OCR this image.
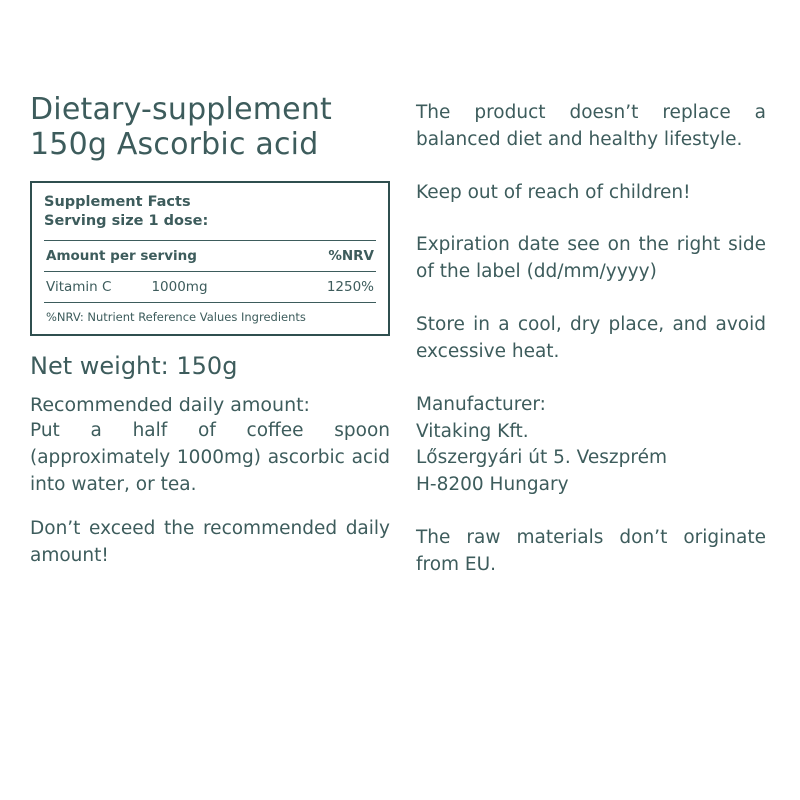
Dietary-supplement 150g Ascorbic acid
Supplement Facts
Serving size 1 dose:
Amount per serving	%NRV
Vitamin C	1000mg	1250%
%NRV: Nutrient Reference Values Ingredients
Net weight: 150g
Recommended daily amount:

Put a half of coffee spoon (approximately 1000mg) ascorbic acid into water, or tea.

Don’t exceed the recommended daily amount!

The product doesn’t replace a balanced diet and healthy lifestyle.

Keep out of reach of children!

Expiration date see on the right side of the label (dd/mm/yyyy)

Store in a cool, dry place, and avoid excessive heat.

Manufacturer:
Vitaking Kft.
Lőszergyári út 5. Veszprém
H-8200 Hungary

The raw materials don’t originate from EU.
